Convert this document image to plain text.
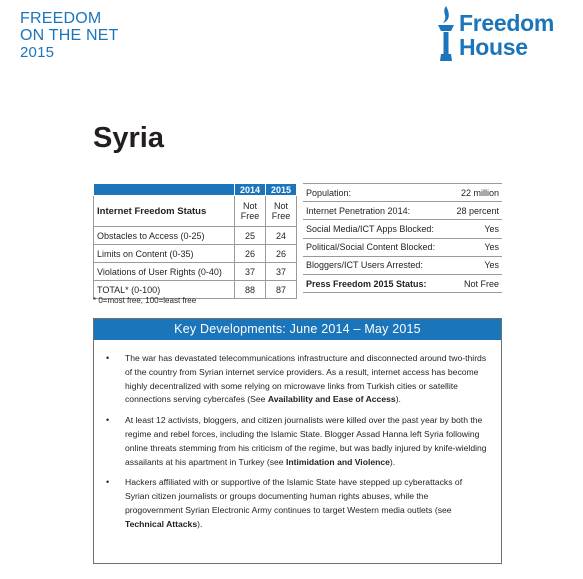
FREEDOM
ON THE NET
2015
Freedom
House
Syria
	2014	2015
Internet Freedom Status	Not Free	Not Free
Obstacles to Access (0-25)	25	24
Limits on Content (0-35)	26	26
Violations of User Rights (0-40)	37	37
TOTAL* (0-100)	88	87
Population:	22 million
Internet Penetration 2014:	28 percent
Social Media/ICT Apps Blocked:	Yes
Political/Social Content Blocked:	Yes
Bloggers/ICT Users Arrested:	Yes
Press Freedom 2015 Status:	Not Free
* 0=most free, 100=least free
Key Developments: June 2014 – May 2015
• The war has devastated telecommunications infrastructure and disconnected around two-thirds of the country from Syrian internet service providers. As a result, internet access has become highly decentralized with some relying on microwave links from Turkish cities or satellite connections serving cybercafes (See Availability and Ease of Access).
• At least 12 activists, bloggers, and citizen journalists were killed over the past year by both the regime and rebel forces, including the Islamic State. Blogger Assad Hanna left Syria following online threats stemming from his criticism of the regime, but was badly injured by knife-wielding assailants at his apartment in Turkey (see Intimidation and Violence).
• Hackers affiliated with or supportive of the Islamic State have stepped up cyberattacks of Syrian citizen journalists or groups documenting human rights abuses, while the progovernment Syrian Electronic Army continues to target Western media outlets (see Technical Attacks).
